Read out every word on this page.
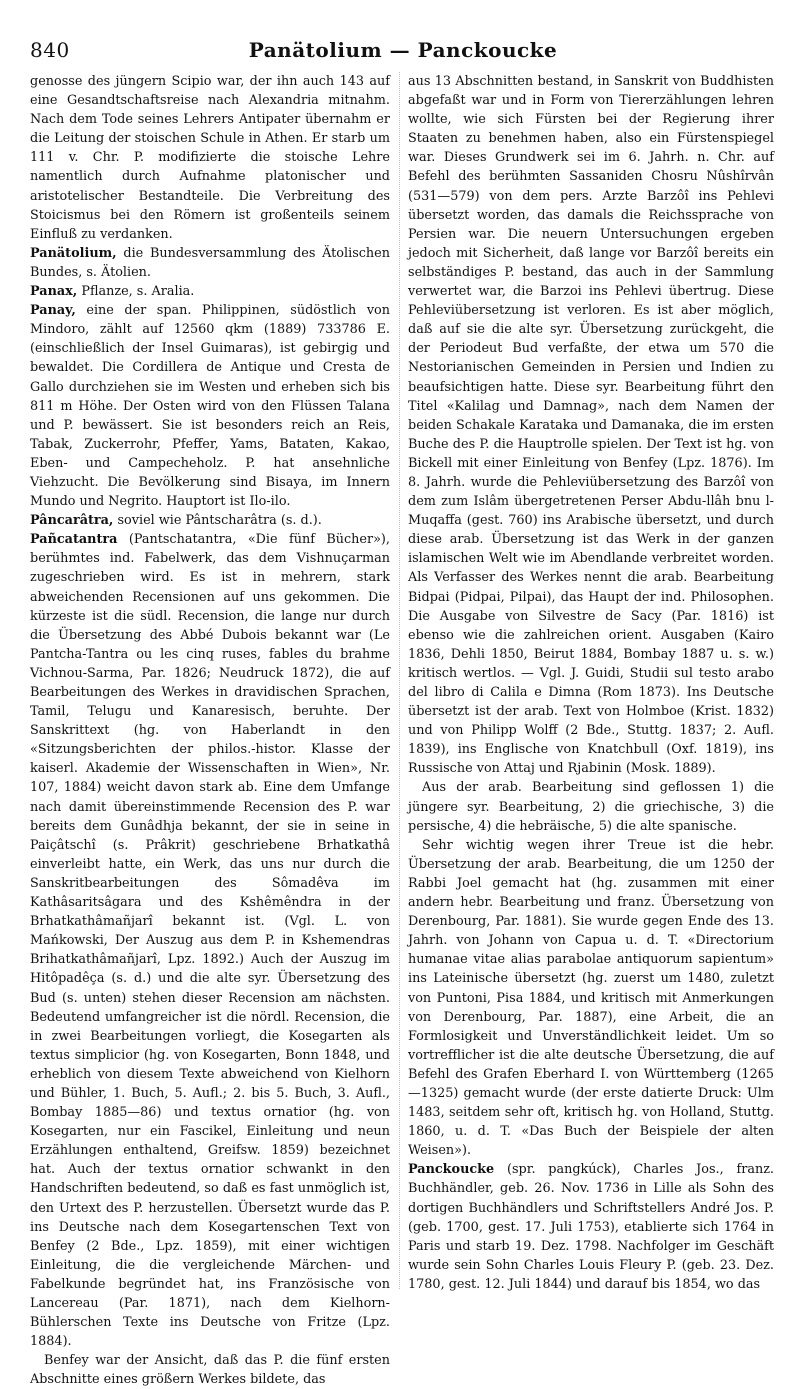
840	Panätolium — Panckoucke

genosse des jüngern Scipio war, der ihn auch 143 auf eine Gesandtschaftsreise nach Alexandria mitnahm. Nach dem Tode seines Lehrers Antipater übernahm er die Leitung der stoischen Schule in Athen. Er starb um 111 v. Chr. P. modifizierte die stoische Lehre namentlich durch Aufnahme platonischer und aristotelischer Bestandteile. Die Verbreitung des Stoicismus bei den Römern ist großenteils seinem Einfluß zu verdanken.

Panätolium, die Bundesversammlung des Ätolischen Bundes, s. Ätolien.

Panax, Pflanze, s. Aralia.

Panay, eine der span. Philippinen, südöstlich von Mindoro, zählt auf 12560 qkm (1889) 733786 E. (einschließlich der Insel Guimaras), ist gebirgig und bewaldet. Die Cordillera de Antique und Cresta de Gallo durchziehen sie im Westen und erheben sich bis 811 m Höhe. Der Osten wird von den Flüssen Talana und P. bewässert. Sie ist besonders reich an Reis, Tabak, Zuckerrohr, Pfeffer, Yams, Bataten, Kakao, Eben- und Campecheholz. P. hat ansehnliche Viehzucht. Die Bevölkerung sind Bisaya, im Innern Mundo und Negrito. Hauptort ist Ilo-ilo.

Pâncarâtra, soviel wie Pântscharâtra (s. d.).

Pañcatantra (Pantschatantra, «Die fünf Bücher»), berühmtes ind. Fabelwerk, das dem Vishnuçarman zugeschrieben wird. Es ist in mehrern, stark abweichenden Recensionen auf uns gekommen. Die kürzeste ist die südl. Recension, die lange nur durch die Übersetzung des Abbé Dubois bekannt war (Le Pantcha-Tantra ou les cinq ruses, fables du brahme Vichnou-Sarma, Par. 1826; Neudruck 1872), die auf Bearbeitungen des Werkes in dravidischen Sprachen, Tamil, Telugu und Kanaresisch, beruhte. Der Sanskrittext (hg. von Haberlandt in den «Sitzungsberichten der philos.-histor. Klasse der kaiserl. Akademie der Wissenschaften in Wien», Nr. 107, 1884) weicht davon stark ab. Eine dem Umfange nach damit übereinstimmende Recension des P. war bereits dem Gunâdhja bekannt, der sie in seine in Paiçâtschî (s. Prâkrit) geschriebene Brhatkathâ einverleibt hatte, ein Werk, das uns nur durch die Sanskritbearbeitungen des Sômadêva im Kathâsaritsâgara und des Kshêmêndra in der Brhatkathâmañjarî bekannt ist. (Vgl. L. von Mańkowski, Der Auszug aus dem P. in Kshemendras Brihatkathâmañjarî, Lpz. 1892.) Auch der Auszug im Hitôpadêça (s. d.) und die alte syr. Übersetzung des Bud (s. unten) stehen dieser Recension am nächsten. Bedeutend umfangreicher ist die nördl. Recension, die in zwei Bearbeitungen vorliegt, die Kosegarten als textus simplicior (hg. von Kosegarten, Bonn 1848, und erheblich von diesem Texte abweichend von Kielhorn und Bühler, 1. Buch, 5. Aufl.; 2. bis 5. Buch, 3. Aufl., Bombay 1885—86) und textus ornatior (hg. von Kosegarten, nur ein Fascikel, Einleitung und neun Erzählungen enthaltend, Greifsw. 1859) bezeichnet hat. Auch der textus ornatior schwankt in den Handschriften bedeutend, so daß es fast unmöglich ist, den Urtext des P. herzustellen. Übersetzt wurde das P. ins Deutsche nach dem Kosegartenschen Text von Benfey (2 Bde., Lpz. 1859), mit einer wichtigen Einleitung, die die vergleichende Märchen- und Fabelkunde begründet hat, ins Französische von Lancereau (Par. 1871), nach dem Kielhorn-Bühlerschen Texte ins Deutsche von Fritze (Lpz. 1884).

Benfey war der Ansicht, daß das P. die fünf ersten Abschnitte eines größern Werkes bildete, das

aus 13 Abschnitten bestand, in Sanskrit von Buddhisten abgefaßt war und in Form von Tiererzählungen lehren wollte, wie sich Fürsten bei der Regierung ihrer Staaten zu benehmen haben, also ein Fürstenspiegel war. Dieses Grundwerk sei im 6. Jahrh. n. Chr. auf Befehl des berühmten Sassaniden Chosru Nûshîrvân (531—579) von dem pers. Arzte Barzôî ins Pehlevi übersetzt worden, das damals die Reichssprache von Persien war. Die neuern Untersuchungen ergeben jedoch mit Sicherheit, daß lange vor Barzôî bereits ein selbständiges P. bestand, das auch in der Sammlung verwertet war, die Barzoi ins Pehlevi übertrug. Diese Pehleviübersetzung ist verloren. Es ist aber möglich, daß auf sie die alte syr. Übersetzung zurückgeht, die der Periodeut Bud verfaßte, der etwa um 570 die Nestorianischen Gemeinden in Persien und Indien zu beaufsichtigen hatte. Diese syr. Bearbeitung führt den Titel «Kalilag und Damnag», nach dem Namen der beiden Schakale Karataka und Damanaka, die im ersten Buche des P. die Hauptrolle spielen. Der Text ist hg. von Bickell mit einer Einleitung von Benfey (Lpz. 1876). Im 8. Jahrh. wurde die Pehleviübersetzung des Barzôî von dem zum Islâm übergetretenen Perser Abdu-llâh bnu l-Muqaffa (gest. 760) ins Arabische übersetzt, und durch diese arab. Übersetzung ist das Werk in der ganzen islamischen Welt wie im Abendlande verbreitet worden. Als Verfasser des Werkes nennt die arab. Bearbeitung Bidpai (Pidpai, Pilpai), das Haupt der ind. Philosophen. Die Ausgabe von Silvestre de Sacy (Par. 1816) ist ebenso wie die zahlreichen orient. Ausgaben (Kairo 1836, Dehli 1850, Beirut 1884, Bombay 1887 u. s. w.) kritisch wertlos. — Vgl. J. Guidi, Studii sul testo arabo del libro di Calila e Dimna (Rom 1873). Ins Deutsche übersetzt ist der arab. Text von Holmboe (Krist. 1832) und von Philipp Wolff (2 Bde., Stuttg. 1837; 2. Aufl. 1839), ins Englische von Knatchbull (Oxf. 1819), ins Russische von Attaj und Rjabinin (Mosk. 1889).

Aus der arab. Bearbeitung sind geflossen 1) die jüngere syr. Bearbeitung, 2) die griechische, 3) die persische, 4) die hebräische, 5) die alte spanische.

Sehr wichtig wegen ihrer Treue ist die hebr. Übersetzung der arab. Bearbeitung, die um 1250 der Rabbi Joel gemacht hat (hg. zusammen mit einer andern hebr. Bearbeitung und franz. Übersetzung von Derenbourg, Par. 1881). Sie wurde gegen Ende des 13. Jahrh. von Johann von Capua u. d. T. «Directorium humanae vitae alias parabolae antiquorum sapientum» ins Lateinische übersetzt (hg. zuerst um 1480, zuletzt von Puntoni, Pisa 1884, und kritisch mit Anmerkungen von Derenbourg, Par. 1887), eine Arbeit, die an Formlosigkeit und Unverständlichkeit leidet. Um so vortrefflicher ist die alte deutsche Übersetzung, die auf Befehl des Grafen Eberhard I. von Württemberg (1265—1325) gemacht wurde (der erste datierte Druck: Ulm 1483, seitdem sehr oft, kritisch hg. von Holland, Stuttg. 1860, u. d. T. «Das Buch der Beispiele der alten Weisen»).

Panckoucke (spr. pangkúck), Charles Jos., franz. Buchhändler, geb. 26. Nov. 1736 in Lille als Sohn des dortigen Buchhändlers und Schriftstellers André Jos. P. (geb. 1700, gest. 17. Juli 1753), etablierte sich 1764 in Paris und starb 19. Dez. 1798. Nachfolger im Geschäft wurde sein Sohn Charles Louis Fleury P. (geb. 23. Dez. 1780, gest. 12. Juli 1844) und darauf bis 1854, wo das
